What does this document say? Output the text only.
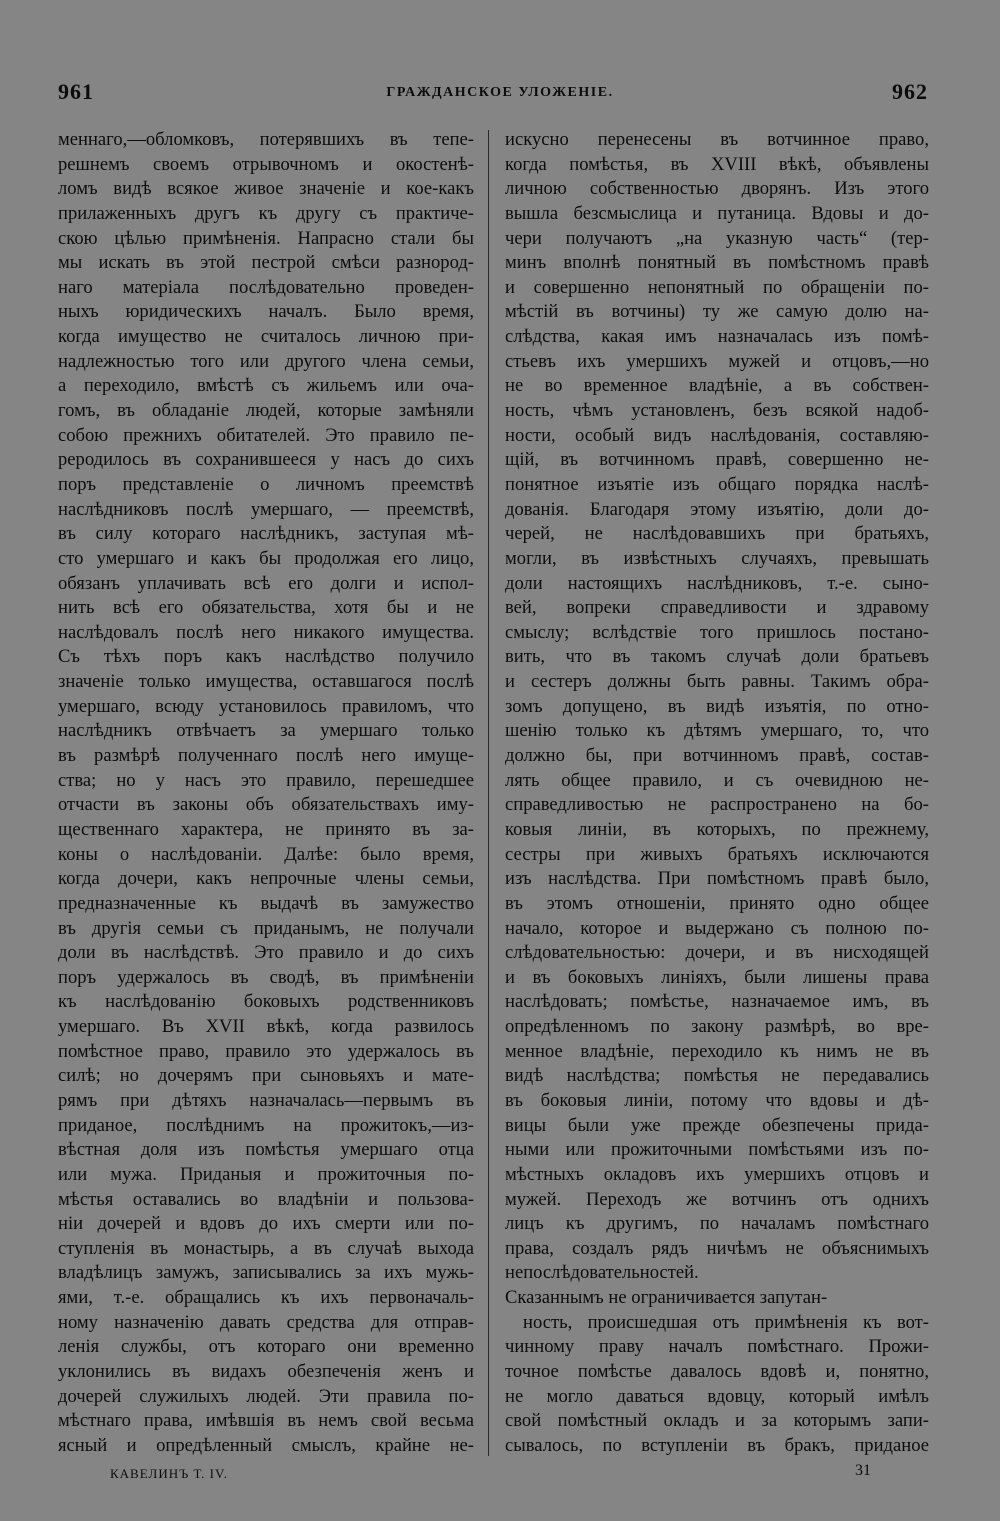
961	ГРАЖДАНСКОЕ УЛОЖЕНІЕ.	962
меннаго,—обломковъ, потерявшихъ въ тепе-
решнемъ своемъ отрывочномъ и окостенѣ-
ломъ видѣ всякое живое значеніе и кое-какъ
прилаженныхъ другъ къ другу съ практиче-
скою цѣлью примѣненія. Напрасно стали бы
мы искать въ этой пестрой смѣси разнород-
наго матеріала послѣдовательно проведен-
ныхъ юридическихъ началъ. Было время,
когда имущество не считалось личною при-
надлежностью того или другого члена семьи,
а переходило, вмѣстѣ съ жильемъ или оча-
гомъ, въ обладаніе людей, которые замѣняли
собою прежнихъ обитателей. Это правило пе-
реродилось въ сохранившееся у насъ до сихъ
поръ представленіе о личномъ преемствѣ
наслѣдниковъ послѣ умершаго, — преемствѣ,
въ силу котораго наслѣдникъ, заступая мѣ-
сто умершаго и какъ бы продолжая его лицо,
обязанъ уплачивать всѣ его долги и испол-
нить всѣ его обязательства, хотя бы и не
наслѣдовалъ послѣ него никакого имущества.
Съ тѣхъ поръ какъ наслѣдство получило
значеніе только имущества, оставшагося послѣ
умершаго, всюду установилось правиломъ, что
наслѣдникъ отвѣчаетъ за умершаго только
въ размѣрѣ полученнаго послѣ него имуще-
ства; но у насъ это правило, перешедшее
отчасти въ законы объ обязательствахъ иму-
щественнаго характера, не принято въ за-
коны о наслѣдованіи. Далѣе: было время,
когда дочери, какъ непрочные члены семьи,
предназначенные къ выдачѣ въ замужество
въ другія семьи съ приданымъ, не получали
доли въ наслѣдствѣ. Это правило и до сихъ
поръ удержалось въ сводѣ, въ примѣненіи
къ наслѣдованію боковыхъ родственниковъ
умершаго. Въ XVII вѣкѣ, когда развилось
помѣстное право, правило это удержалось въ
силѣ; но дочерямъ при сыновьяхъ и мате-
рямъ при дѣтяхъ назначалась—первымъ въ
приданое, послѣднимъ на прожитокъ,—из-
вѣстная доля изъ помѣстья умершаго отца
или мужа. Приданыя и прожиточныя по-
мѣстья оставались во владѣніи и пользова-
ніи дочерей и вдовъ до ихъ смерти или по-
ступленія въ монастырь, а въ случаѣ выхода
владѣлицъ замужъ, записывались за ихъ мужь-
ями, т.-е. обращались къ ихъ первоначаль-
ному назначенію давать средства для отправ-
ленія службы, отъ котораго они временно
уклонились въ видахъ обезпеченія женъ и
дочерей служилыхъ людей. Эти правила по-
мѣстнаго права, имѣвшія въ немъ свой весьма
ясный и опредѣленный смыслъ, крайне не-
искусно перенесены въ вотчинное право,
когда помѣстья, въ XVIII вѣкѣ, объявлены
личною собственностью дворянъ. Изъ этого
вышла безсмыслица и путаница. Вдовы и до-
чери получаютъ „на указную часть“ (тер-
минъ вполнѣ понятный въ помѣстномъ правѣ
и совершенно непонятный по обращеніи по-
мѣстій въ вотчины) ту же самую долю на-
слѣдства, какая имъ назначалась изъ помѣ-
стьевъ ихъ умершихъ мужей и отцовъ,—но
не во временное владѣніе, а въ собствен-
ность, чѣмъ установленъ, безъ всякой надоб-
ности, особый видъ наслѣдованія, составляю-
щій, въ вотчинномъ правѣ, совершенно не-
понятное изъятіе изъ общаго порядка наслѣ-
дованія. Благодаря этому изъятію, доли до-
черей, не наслѣдовавшихъ при братьяхъ,
могли, въ извѣстныхъ случаяхъ, превышать
доли настоящихъ наслѣдниковъ, т.-е. сыно-
вей, вопреки справедливости и здравому
смыслу; вслѣдствіе того пришлось постано-
вить, что въ такомъ случаѣ доли братьевъ
и сестеръ должны быть равны. Такимъ обра-
зомъ допущено, въ видѣ изъятія, по отно-
шенію только къ дѣтямъ умершаго, то, что
должно бы, при вотчинномъ правѣ, состав-
лять общее правило, и съ очевидною не-
справедливостью не распространено на бо-
ковыя линіи, въ которыхъ, по прежнему,
сестры при живыхъ братьяхъ исключаются
изъ наслѣдства. При помѣстномъ правѣ было,
въ этомъ отношеніи, принято одно общее
начало, которое и выдержано съ полною по-
слѣдовательностью: дочери, и въ нисходящей
и въ боковыхъ линіяхъ, были лишены права
наслѣдовать; помѣстье, назначаемое имъ, въ
опредѣленномъ по закону размѣрѣ, во вре-
менное владѣніе, переходило къ нимъ не въ
видѣ наслѣдства; помѣстья не передавались
въ боковыя линіи, потому что вдовы и дѣ-
вицы были уже прежде обезпечены прида-
ными или прожиточными помѣстьями изъ по-
мѣстныхъ окладовъ ихъ умершихъ отцовъ и
мужей. Переходъ же вотчинъ отъ однихъ
лицъ къ другимъ, по началамъ помѣстнаго
права, создалъ рядъ ничѣмъ не объяснимыхъ
непослѣдовательностей.
Сказаннымъ не ограничивается запутан-
ность, происшедшая отъ примѣненія къ вот-
чинному праву началъ помѣстнаго. Прожи-
точное помѣстье давалось вдовѣ и, понятно,
не могло даваться вдовцу, который имѣлъ
свой помѣстный окладъ и за которымъ запи-
сывалось, по вступленіи въ бракъ, приданое
КАВЕЛИНЪ Т. IV.	31
